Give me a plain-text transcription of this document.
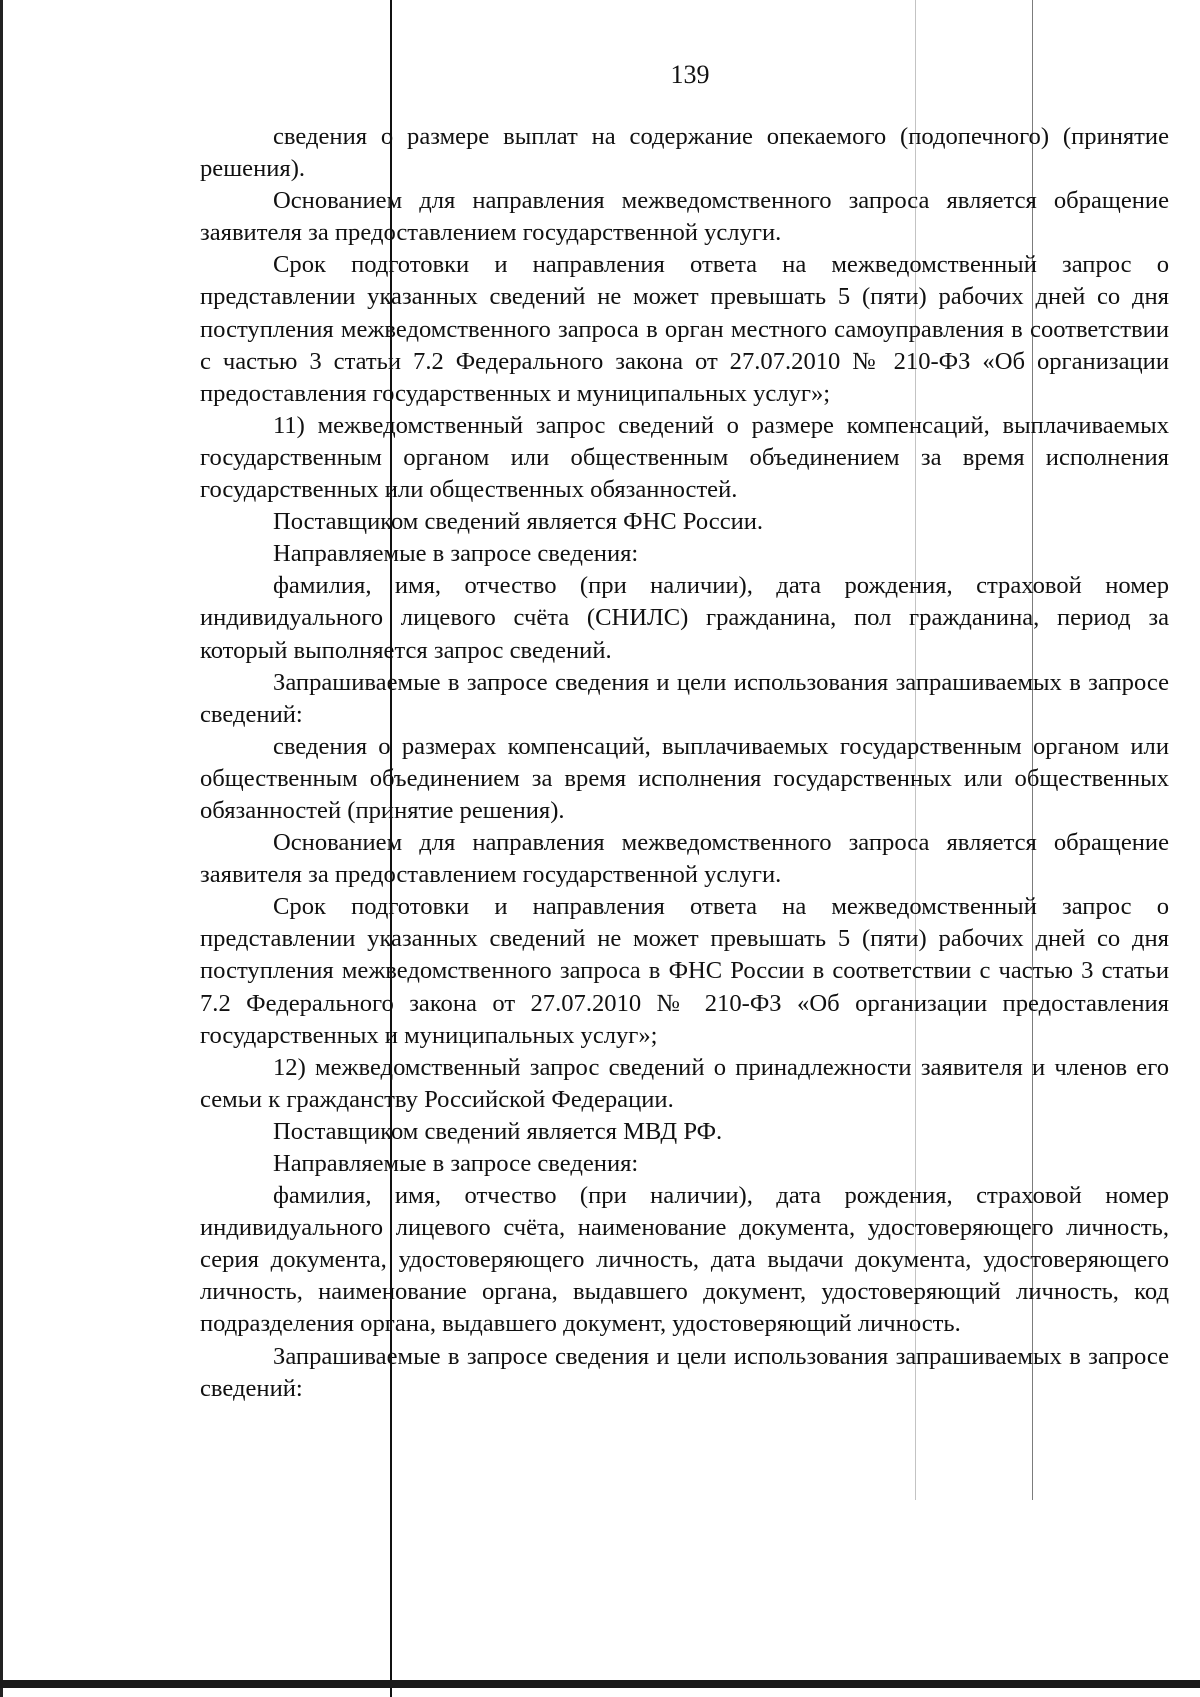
139

сведения о размере выплат на содержание опекаемого (подопечного) (принятие решения).

Основанием для направления межведомственного запроса является обращение заявителя за предоставлением государственной услуги.

Срок подготовки и направления ответа на межведомственный запрос о представлении указанных сведений не может превышать 5 (пяти) рабочих дней со дня поступления межведомственного запроса в орган местного самоуправления в соответствии с частью 3 статьи 7.2 Федерального закона от 27.07.2010 № 210-ФЗ «Об организации предоставления государственных и муниципальных услуг»;

11) межведомственный запрос сведений о размере компенсаций, выплачиваемых государственным органом или общественным объединением за время исполнения государственных или общественных обязанностей.

Поставщиком сведений является ФНС России.

Направляемые в запросе сведения:

фамилия, имя, отчество (при наличии), дата рождения, страховой номер индивидуального лицевого счёта (СНИЛС) гражданина, пол гражданина, период за который выполняется запрос сведений.

Запрашиваемые в запросе сведения и цели использования запрашиваемых в запросе сведений:

сведения о размерах компенсаций, выплачиваемых государственным органом или общественным объединением за время исполнения государственных или общественных обязанностей (принятие решения).

Основанием для направления межведомственного запроса является обращение заявителя за предоставлением государственной услуги.

Срок подготовки и направления ответа на межведомственный запрос о представлении указанных сведений не может превышать 5 (пяти) рабочих дней со дня поступления межведомственного запроса в ФНС России в соответствии с частью 3 статьи 7.2 Федерального закона от 27.07.2010 № 210-ФЗ «Об организации предоставления государственных и муниципальных услуг»;

12) межведомственный запрос сведений о принадлежности заявителя и членов его семьи к гражданству Российской Федерации.

Поставщиком сведений является МВД РФ.

Направляемые в запросе сведения:

фамилия, имя, отчество (при наличии), дата рождения, страховой номер индивидуального лицевого счёта, наименование документа, удостоверяющего личность, серия документа, удостоверяющего личность, дата выдачи документа, удостоверяющего личность, наименование органа, выдавшего документ, удостоверяющий личность, код подразделения органа, выдавшего документ, удостоверяющий личность.

Запрашиваемые в запросе сведения и цели использования запрашиваемых в запросе сведений:
